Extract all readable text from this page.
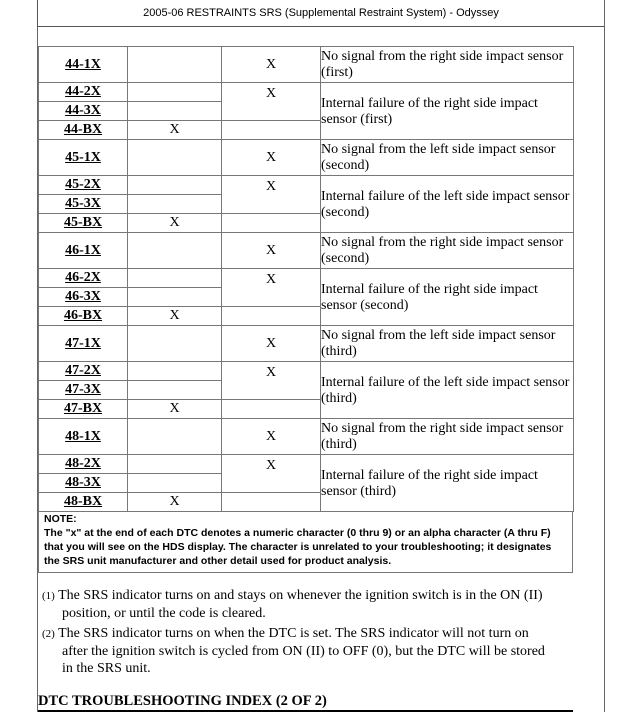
2005-06 RESTRAINTS SRS (Supplemental Restraint System) - Odyssey
44-1X		X	No signal from the right side impact sensor (first)
44-2X		X	Internal failure of the right side impact sensor (first)
44-3X			
44-BX	X		
45-1X		X	No signal from the left side impact sensor (second)
45-2X		X	Internal failure of the left side impact sensor (second)
45-3X			
45-BX	X		
46-1X		X	No signal from the right side impact sensor (second)
46-2X		X	Internal failure of the right side impact sensor (second)
46-3X			
46-BX	X		
47-1X		X	No signal from the left side impact sensor (third)
47-2X		X	Internal failure of the left side impact sensor (third)
47-3X			
47-BX	X		
48-1X		X	No signal from the right side impact sensor (third)
48-2X		X	Internal failure of the right side impact sensor (third)
48-3X			
48-BX	X		
NOTE:
The "x" at the end of each DTC denotes a numeric character (0 thru 9) or an alpha character (A thru F) that you will see on the HDS display. The character is unrelated to your troubleshooting; it designates the SRS unit manufacturer and other detail used for product analysis.
(1) The SRS indicator turns on and stays on whenever the ignition switch is in the ON (II)
position, or until the code is cleared.
(2) The SRS indicator turns on when the DTC is set. The SRS indicator will not turn on
after the ignition switch is cycled from ON (II) to OFF (0), but the DTC will be stored
in the SRS unit.
DTC TROUBLESHOOTING INDEX (2 OF 2)
